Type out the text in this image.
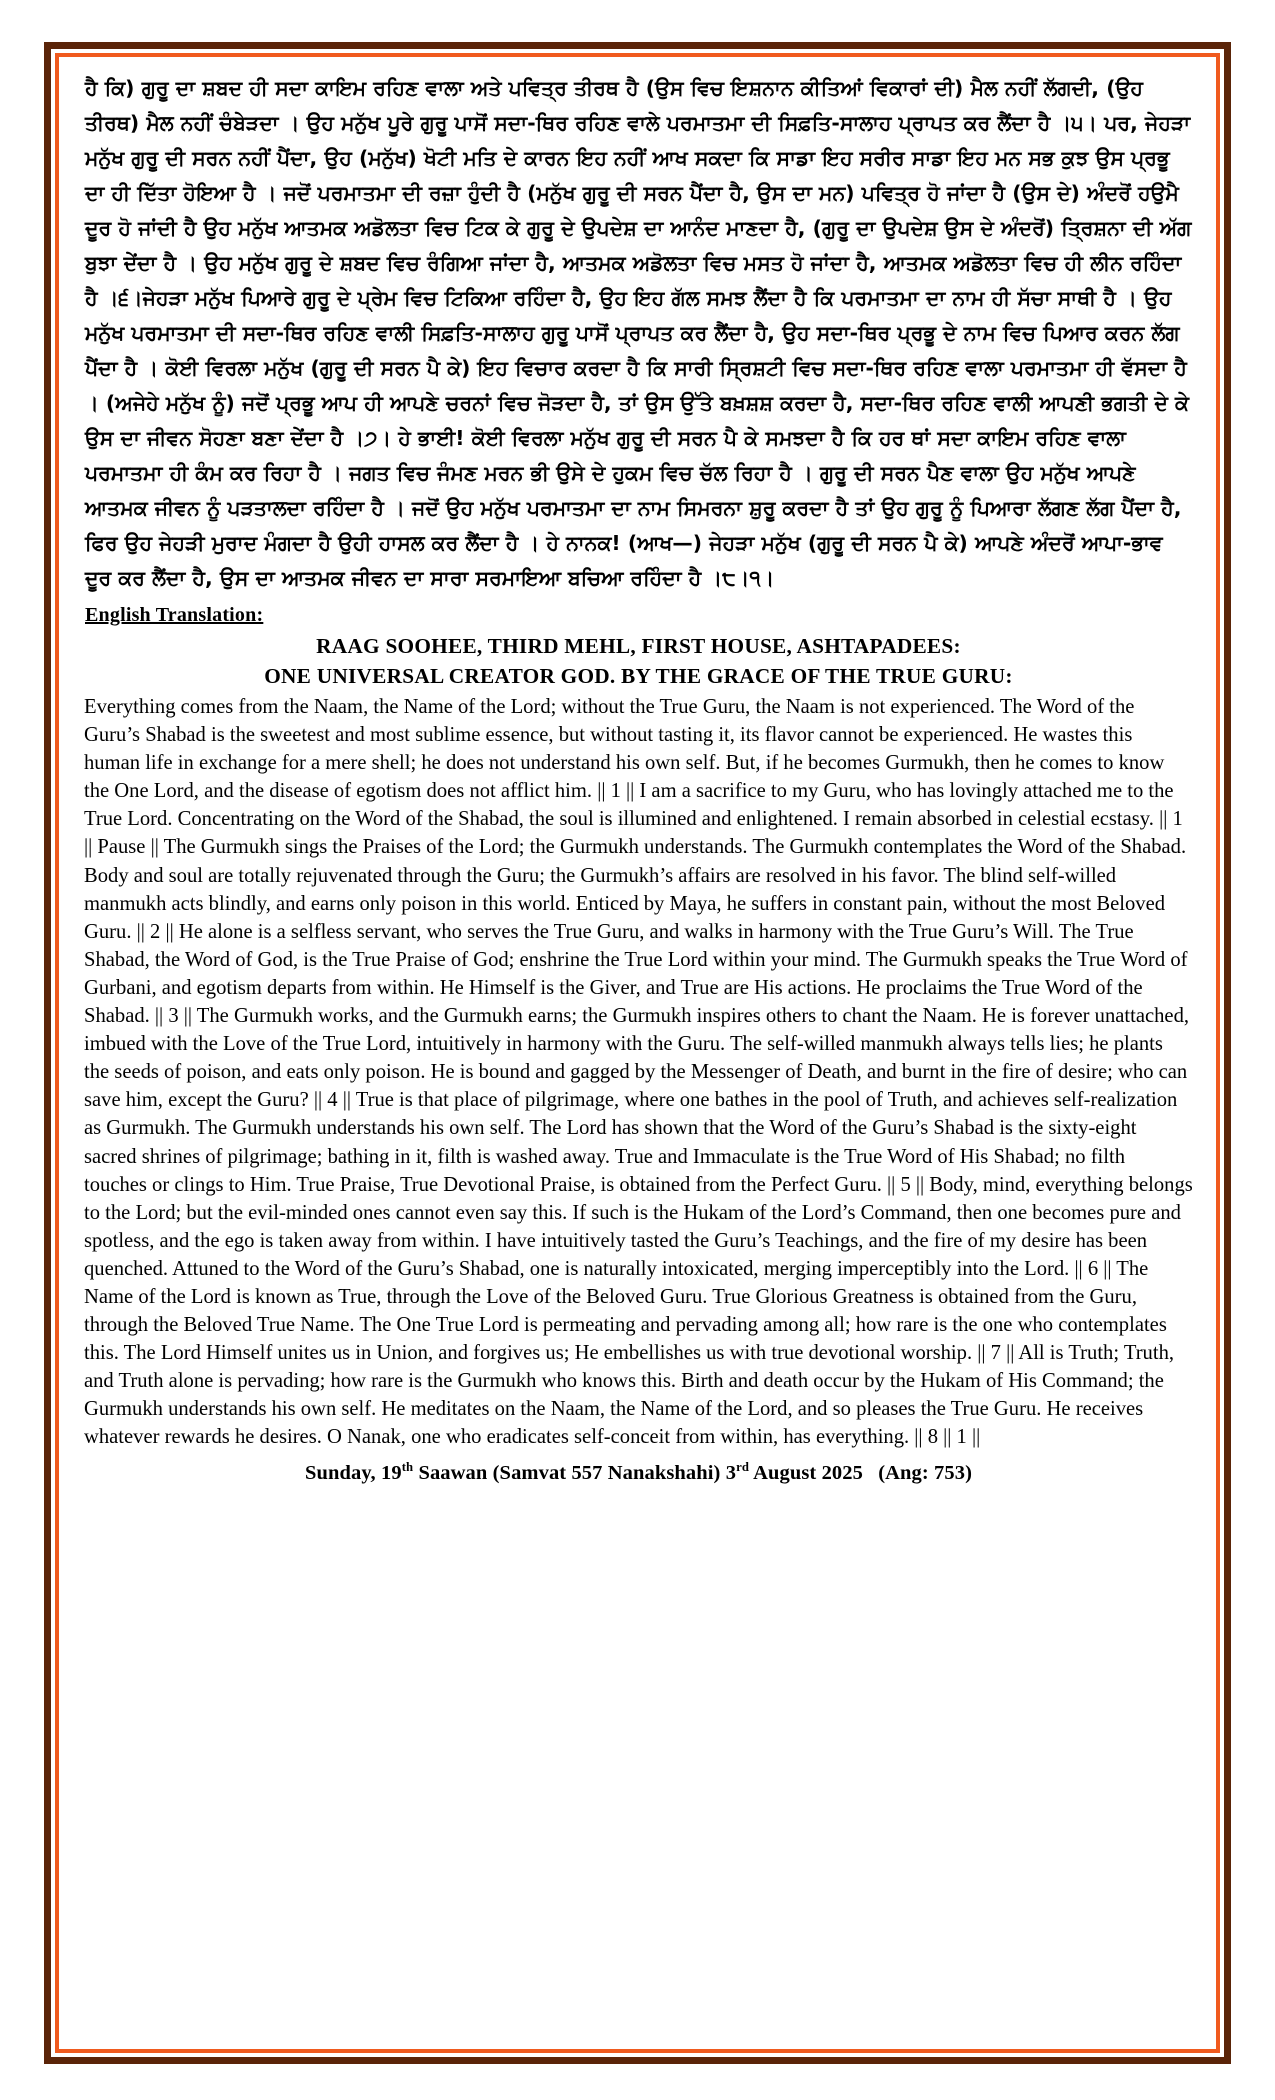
ਹੈ ਕਿ) ਗੁਰੂ ਦਾ ਸ਼ਬਦ ਹੀ ਸਦਾ ਕਾਇਮ ਰਹਿਣ ਵਾਲਾ ਅਤੇ ਪਵਿਤ੍ਰ ਤੀਰਥ ਹੈ (ਉਸ ਵਿਚ ਇਸ਼ਨਾਨ ਕੀਤਿਆਂ ਵਿਕਾਰਾਂ ਦੀ) ਮੈਲ ਨਹੀਂ ਲੱਗਦੀ, (ਉਹ ਤੀਰਥ) ਮੈਲ ਨਹੀਂ ਚੰਬੇੜਦਾ । ਉਹ ਮਨੁੱਖ ਪੂਰੇ ਗੁਰੂ ਪਾਸੋਂ ਸਦਾ-ਥਿਰ ਰਹਿਣ ਵਾਲੇ ਪਰਮਾਤਮਾ ਦੀ ਸਿਫ਼ਤਿ-ਸਾਲਾਹ ਪ੍ਰਾਪਤ ਕਰ ਲੈਂਦਾ ਹੈ ।੫। ਪਰ, ਜੇਹੜਾ ਮਨੁੱਖ ਗੁਰੂ ਦੀ ਸਰਨ ਨਹੀਂ ਪੈਂਦਾ, ਉਹ (ਮਨੁੱਖ) ਖੋਟੀ ਮਤਿ ਦੇ ਕਾਰਨ ਇਹ ਨਹੀਂ ਆਖ ਸਕਦਾ ਕਿ ਸਾਡਾ ਇਹ ਸਰੀਰ ਸਾਡਾ ਇਹ ਮਨ ਸਭ ਕੁਝ ਉਸ ਪ੍ਰਭੂ ਦਾ ਹੀ ਦਿੱਤਾ ਹੋਇਆ ਹੈ । ਜਦੋਂ ਪਰਮਾਤਮਾ ਦੀ ਰਜ਼ਾ ਹੁੰਦੀ ਹੈ (ਮਨੁੱਖ ਗੁਰੂ ਦੀ ਸਰਨ ਪੈਂਦਾ ਹੈ, ਉਸ ਦਾ ਮਨ) ਪਵਿਤ੍ਰ ਹੋ ਜਾਂਦਾ ਹੈ (ਉਸ ਦੇ) ਅੰਦਰੋਂ ਹਉਮੈ ਦੂਰ ਹੋ ਜਾਂਦੀ ਹੈ ਉਹ ਮਨੁੱਖ ਆਤਮਕ ਅਡੋਲਤਾ ਵਿਚ ਟਿਕ ਕੇ ਗੁਰੂ ਦੇ ਉਪਦੇਸ਼ ਦਾ ਆਨੰਦ ਮਾਣਦਾ ਹੈ, (ਗੁਰੂ ਦਾ ਉਪਦੇਸ਼ ਉਸ ਦੇ ਅੰਦਰੋਂ) ਤ੍ਰਿਸ਼ਨਾ ਦੀ ਅੱਗ ਬੁਝਾ ਦੇਂਦਾ ਹੈ । ਉਹ ਮਨੁੱਖ ਗੁਰੂ ਦੇ ਸ਼ਬਦ ਵਿਚ ਰੰਗਿਆ ਜਾਂਦਾ ਹੈ, ਆਤਮਕ ਅਡੋਲਤਾ ਵਿਚ ਮਸਤ ਹੋ ਜਾਂਦਾ ਹੈ, ਆਤਮਕ ਅਡੋਲਤਾ ਵਿਚ ਹੀ ਲੀਨ ਰਹਿੰਦਾ ਹੈ ।੬।ਜੇਹੜਾ ਮਨੁੱਖ ਪਿਆਰੇ ਗੁਰੂ ਦੇ ਪ੍ਰੇਮ ਵਿਚ ਟਿਕਿਆ ਰਹਿੰਦਾ ਹੈ, ਉਹ ਇਹ ਗੱਲ ਸਮਝ ਲੈਂਦਾ ਹੈ ਕਿ ਪਰਮਾਤਮਾ ਦਾ ਨਾਮ ਹੀ ਸੱਚਾ ਸਾਥੀ ਹੈ । ਉਹ ਮਨੁੱਖ ਪਰਮਾਤਮਾ ਦੀ ਸਦਾ-ਥਿਰ ਰਹਿਣ ਵਾਲੀ ਸਿਫ਼ਤਿ-ਸਾਲਾਹ ਗੁਰੂ ਪਾਸੋਂ ਪ੍ਰਾਪਤ ਕਰ ਲੈਂਦਾ ਹੈ, ਉਹ ਸਦਾ-ਥਿਰ ਪ੍ਰਭੂ ਦੇ ਨਾਮ ਵਿਚ ਪਿਆਰ ਕਰਨ ਲੱਗ ਪੈਂਦਾ ਹੈ । ਕੋਈ ਵਿਰਲਾ ਮਨੁੱਖ (ਗੁਰੂ ਦੀ ਸਰਨ ਪੈ ਕੇ) ਇਹ ਵਿਚਾਰ ਕਰਦਾ ਹੈ ਕਿ ਸਾਰੀ ਸ੍ਰਿਸ਼ਟੀ ਵਿਚ ਸਦਾ-ਥਿਰ ਰਹਿਣ ਵਾਲਾ ਪਰਮਾਤਮਾ ਹੀ ਵੱਸਦਾ ਹੈ । (ਅਜੇਹੇ ਮਨੁੱਖ ਨੂੰ) ਜਦੋਂ ਪ੍ਰਭੂ ਆਪ ਹੀ ਆਪਣੇ ਚਰਨਾਂ ਵਿਚ ਜੋੜਦਾ ਹੈ, ਤਾਂ ਉਸ ਉੱਤੇ ਬਖ਼ਸ਼ਸ਼ ਕਰਦਾ ਹੈ, ਸਦਾ-ਥਿਰ ਰਹਿਣ ਵਾਲੀ ਆਪਣੀ ਭਗਤੀ ਦੇ ਕੇ ਉਸ ਦਾ ਜੀਵਨ ਸੋਹਣਾ ਬਣਾ ਦੇਂਦਾ ਹੈ ।੭। ਹੇ ਭਾਈ! ਕੋਈ ਵਿਰਲਾ ਮਨੁੱਖ ਗੁਰੂ ਦੀ ਸਰਨ ਪੈ ਕੇ ਸਮਝਦਾ ਹੈ ਕਿ ਹਰ ਥਾਂ ਸਦਾ ਕਾਇਮ ਰਹਿਣ ਵਾਲਾ ਪਰਮਾਤਮਾ ਹੀ ਕੰਮ ਕਰ ਰਿਹਾ ਹੈ । ਜਗਤ ਵਿਚ ਜੰਮਣ ਮਰਨ ਭੀ ਉਸੇ ਦੇ ਹੁਕਮ ਵਿਚ ਚੱਲ ਰਿਹਾ ਹੈ । ਗੁਰੂ ਦੀ ਸਰਨ ਪੈਣ ਵਾਲਾ ਉਹ ਮਨੁੱਖ ਆਪਣੇ ਆਤਮਕ ਜੀਵਨ ਨੂੰ ਪੜਤਾਲਦਾ ਰਹਿੰਦਾ ਹੈ । ਜਦੋਂ ਉਹ ਮਨੁੱਖ ਪਰਮਾਤਮਾ ਦਾ ਨਾਮ ਸਿਮਰਨਾ ਸ਼ੁਰੂ ਕਰਦਾ ਹੈ ਤਾਂ ਉਹ ਗੁਰੂ ਨੂੰ ਪਿਆਰਾ ਲੱਗਣ ਲੱਗ ਪੈਂਦਾ ਹੈ, ਫਿਰ ਉਹ ਜੇਹੜੀ ਮੁਰਾਦ ਮੰਗਦਾ ਹੈ ਉਹੀ ਹਾਸਲ ਕਰ ਲੈਂਦਾ ਹੈ । ਹੇ ਨਾਨਕ! (ਆਖ—) ਜੇਹੜਾ ਮਨੁੱਖ (ਗੁਰੂ ਦੀ ਸਰਨ ਪੈ ਕੇ) ਆਪਣੇ ਅੰਦਰੋਂ ਆਪਾ-ਭਾਵ ਦੂਰ ਕਰ ਲੈਂਦਾ ਹੈ, ਉਸ ਦਾ ਆਤਮਕ ਜੀਵਨ ਦਾ ਸਾਰਾ ਸਰਮਾਇਆ ਬਚਿਆ ਰਹਿੰਦਾ ਹੈ ।੮।੧।

English Translation:
RAAG SOOHEE, THIRD MEHL, FIRST HOUSE, ASHTAPADEES:
ONE UNIVERSAL CREATOR GOD. BY THE GRACE OF THE TRUE GURU:

Everything comes from the Naam, the Name of the Lord; without the True Guru, the Naam is not experienced. The Word of the Guru’s Shabad is the sweetest and most sublime essence, but without tasting it, its flavor cannot be experienced. He wastes this human life in exchange for a mere shell; he does not understand his own self. But, if he becomes Gurmukh, then he comes to know the One Lord, and the disease of egotism does not afflict him. || 1 || I am a sacrifice to my Guru, who has lovingly attached me to the True Lord. Concentrating on the Word of the Shabad, the soul is illumined and enlightened. I remain absorbed in celestial ecstasy. || 1 || Pause || The Gurmukh sings the Praises of the Lord; the Gurmukh understands. The Gurmukh contemplates the Word of the Shabad. Body and soul are totally rejuvenated through the Guru; the Gurmukh’s affairs are resolved in his favor. The blind self-willed manmukh acts blindly, and earns only poison in this world. Enticed by Maya, he suffers in constant pain, without the most Beloved Guru. || 2 || He alone is a selfless servant, who serves the True Guru, and walks in harmony with the True Guru’s Will. The True Shabad, the Word of God, is the True Praise of God; enshrine the True Lord within your mind. The Gurmukh speaks the True Word of Gurbani, and egotism departs from within. He Himself is the Giver, and True are His actions. He proclaims the True Word of the Shabad. || 3 || The Gurmukh works, and the Gurmukh earns; the Gurmukh inspires others to chant the Naam. He is forever unattached, imbued with the Love of the True Lord, intuitively in harmony with the Guru. The self-willed manmukh always tells lies; he plants the seeds of poison, and eats only poison. He is bound and gagged by the Messenger of Death, and burnt in the fire of desire; who can save him, except the Guru? || 4 || True is that place of pilgrimage, where one bathes in the pool of Truth, and achieves self-realization as Gurmukh. The Gurmukh understands his own self. The Lord has shown that the Word of the Guru’s Shabad is the sixty-eight sacred shrines of pilgrimage; bathing in it, filth is washed away. True and Immaculate is the True Word of His Shabad; no filth touches or clings to Him. True Praise, True Devotional Praise, is obtained from the Perfect Guru. || 5 || Body, mind, everything belongs to the Lord; but the evil-minded ones cannot even say this. If such is the Hukam of the Lord’s Command, then one becomes pure and spotless, and the ego is taken away from within. I have intuitively tasted the Guru’s Teachings, and the fire of my desire has been quenched. Attuned to the Word of the Guru’s Shabad, one is naturally intoxicated, merging imperceptibly into the Lord. || 6 || The Name of the Lord is known as True, through the Love of the Beloved Guru. True Glorious Greatness is obtained from the Guru, through the Beloved True Name. The One True Lord is permeating and pervading among all; how rare is the one who contemplates this. The Lord Himself unites us in Union, and forgives us; He embellishes us with true devotional worship. || 7 || All is Truth; Truth, and Truth alone is pervading; how rare is the Gurmukh who knows this. Birth and death occur by the Hukam of His Command; the Gurmukh understands his own self. He meditates on the Naam, the Name of the Lord, and so pleases the True Guru. He receives whatever rewards he desires. O Nanak, one who eradicates self-conceit from within, has everything. || 8 || 1 ||

Sunday, 19th Saawan (Samvat 557 Nanakshahi) 3rd August 2025 (Ang: 753)
